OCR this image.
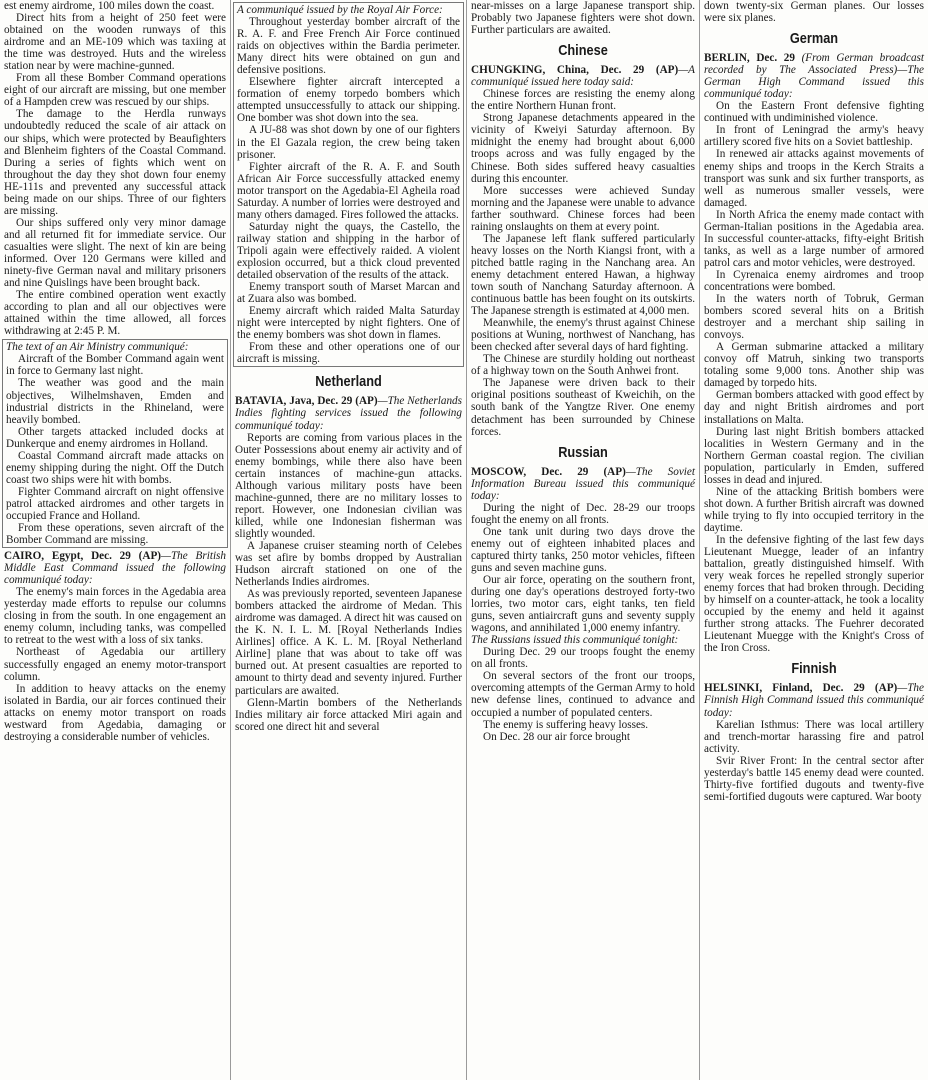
est enemy airdrome, 100 miles down the coast.

Direct hits from a height of 250 feet were obtained on the wooden runways of this airdrome and an ME-109 which was taxiing at the time was destroyed. Huts and the wireless station near by were machine-gunned.

From all these Bomber Command operations eight of our aircraft are missing, but one member of a Hampden crew was rescued by our ships.

The damage to the Herdla runways undoubtedly reduced the scale of air attack on our ships, which were protected by Beaufighters and Blenheim fighters of the Coastal Command. During a series of fights which went on throughout the day they shot down four enemy HE-111s and prevented any successful attack being made on our ships. Three of our fighters are missing.

Our ships suffered only very minor damage and all returned fit for immediate service. Our casualties were slight. The next of kin are being informed. Over 120 Germans were killed and ninety-five German naval and military prisoners and nine Quislings have been brought back.

The entire combined operation went exactly according to plan and all our objectives were attained within the time allowed, all forces withdrawing at 2:45 P. M.

The text of an Air Ministry communiqué:

Aircraft of the Bomber Command again went in force to Germany last night.

The weather was good and the main objectives, Wilhelmshaven, Emden and industrial districts in the Rhineland, were heavily bombed.

Other targets attacked included docks at Dunkerque and enemy airdromes in Holland.

Coastal Command aircraft made attacks on enemy shipping during the night. Off the Dutch coast two ships were hit with bombs.

Fighter Command aircraft on night offensive patrol attacked airdromes and other targets in occupied France and Holland.

From these operations, seven aircraft of the Bomber Command are missing.

CAIRO, Egypt, Dec. 29 (AP)—The British Middle East Command issued the following communiqué today:

The enemy's main forces in the Agedabia area yesterday made efforts to repulse our columns closing in from the south. In one engagement an enemy column, including tanks, was compelled to retreat to the west with a loss of six tanks.

Northeast of Agedabia our artillery successfully engaged an enemy motor-transport column.

In addition to heavy attacks on the enemy isolated in Bardia, our air forces continued their attacks on enemy motor transport on roads westward from Agedabia, damaging or destroying a considerable number of vehicles.

A communiqué issued by the Royal Air Force:

Throughout yesterday bomber aircraft of the R. A. F. and Free French Air Force continued raids on objectives within the Bardia perimeter. Many direct hits were obtained on gun and defensive positions.

Elsewhere fighter aircraft intercepted a formation of enemy torpedo bombers which attempted unsuccessfully to attack our shipping. One bomber was shot down into the sea.

A JU-88 was shot down by one of our fighters in the El Gazala region, the crew being taken prisoner.

Fighter aircraft of the R. A. F. and South African Air Force successfully attacked enemy motor transport on the Agedabia-El Agheila road Saturday. A number of lorries were destroyed and many others damaged. Fires followed the attacks.

Saturday night the quays, the Castello, the railway station and shipping in the harbor of Tripoli again were effectively raided. A violent explosion occurred, but a thick cloud prevented detailed observation of the results of the attack.

Enemy transport south of Marset Marcan and at Zuara also was bombed.

Enemy aircraft which raided Malta Saturday night were intercepted by night fighters. One of the enemy bombers was shot down in flames.

From these and other operations one of our aircraft is missing.

Netherland

BATAVIA, Java, Dec. 29 (AP)—The Netherlands Indies fighting services issued the following communiqué today:

Reports are coming from various places in the Outer Possessions about enemy air activity and of enemy bombings, while there also have been certain instances of machine-gun attacks. Although various military posts have been machine-gunned, there are no military losses to report. However, one Indonesian civilian was killed, while one Indonesian fisherman was slightly wounded.

A Japanese cruiser steaming north of Celebes was set afire by bombs dropped by Australian Hudson aircraft stationed on one of the Netherlands Indies airdromes.

As was previously reported, seventeen Japanese bombers attacked the airdrome of Medan. This airdrome was damaged. A direct hit was caused on the K. N. I. L. M. [Royal Netherlands Indies Airlines] office. A K. L. M. [Royal Netherland Airline] plane that was about to take off was burned out. At present casualties are reported to amount to thirty dead and seventy injured. Further particulars are awaited.

Glenn-Martin bombers of the Netherlands Indies military air force attacked Miri again and scored one direct hit and several

near-misses on a large Japanese transport ship. Probably two Japanese fighters were shot down. Further particulars are awaited.

Chinese

CHUNGKING, China, Dec. 29 (AP)—A communiqué issued here today said:

Chinese forces are resisting the enemy along the entire Northern Hunan front.

Strong Japanese detachments appeared in the vicinity of Kweiyi Saturday afternoon. By midnight the enemy had brought about 6,000 troops across and was fully engaged by the Chinese. Both sides suffered heavy casualties during this encounter.

More successes were achieved Sunday morning and the Japanese were unable to advance farther southward. Chinese forces had been raining onslaughts on them at every point.

The Japanese left flank suffered particularly heavy losses on the North Kiangsi front, with a pitched battle raging in the Nanchang area. An enemy detachment entered Hawan, a highway town south of Nanchang Saturday afternoon. A continuous battle has been fought on its outskirts. The Japanese strength is estimated at 4,000 men.

Meanwhile, the enemy's thrust against Chinese positions at Wuning, northwest of Nanchang, has been checked after several days of hard fighting.

The Chinese are sturdily holding out northeast of a highway town on the South Anhwei front.

The Japanese were driven back to their original positions southeast of Kweichih, on the south bank of the Yangtze River. One enemy detachment has been surrounded by Chinese forces.

Russian

MOSCOW, Dec. 29 (AP)—The Soviet Information Bureau issued this communiqué today:

During the night of Dec. 28-29 our troops fought the enemy on all fronts.

One tank unit during two days drove the enemy out of eighteen inhabited places and captured thirty tanks, 250 motor vehicles, fifteen guns and seven machine guns.

Our air force, operating on the southern front, during one day's operations destroyed forty-two lorries, two motor cars, eight tanks, ten field guns, seven antiaircraft guns and seventy supply wagons, and annihilated 1,000 enemy infantry.

The Russians issued this communiqué tonight:

During Dec. 29 our troops fought the enemy on all fronts.

On several sectors of the front our troops, overcoming attempts of the German Army to hold new defense lines, continued to advance and occupied a number of populated centers.

The enemy is suffering heavy losses.

On Dec. 28 our air force brought

down twenty-six German planes. Our losses were six planes.

German

BERLIN, Dec. 29 (From German broadcast recorded by The Associated Press)—The German High Command issued this communiqué today:

On the Eastern Front defensive fighting continued with undiminished violence.

In front of Leningrad the army's heavy artillery scored five hits on a Soviet battleship.

In renewed air attacks against movements of enemy ships and troops in the Kerch Straits a transport was sunk and six further transports, as well as numerous smaller vessels, were damaged.

In North Africa the enemy made contact with German-Italian positions in the Agedabia area. In successful counter-attacks, fifty-eight British tanks, as well as a large number of armored patrol cars and motor vehicles, were destroyed.

In Cyrenaica enemy airdromes and troop concentrations were bombed.

In the waters north of Tobruk, German bombers scored several hits on a British destroyer and a merchant ship sailing in convoys.

A German submarine attacked a military convoy off Matruh, sinking two transports totaling some 9,000 tons. Another ship was damaged by torpedo hits.

German bombers attacked with good effect by day and night British airdromes and port installations on Malta.

During last night British bombers attacked localities in Western Germany and in the Northern German coastal region. The civilian population, particularly in Emden, suffered losses in dead and injured.

Nine of the attacking British bombers were shot down. A further British aircraft was downed while trying to fly into occupied territory in the daytime.

In the defensive fighting of the last few days Lieutenant Muegge, leader of an infantry battalion, greatly distinguished himself. With very weak forces he repelled strongly superior enemy forces that had broken through. Deciding by himself on a counter-attack, he took a locality occupied by the enemy and held it against further strong attacks. The Fuehrer decorated Lieutenant Muegge with the Knight's Cross of the Iron Cross.

Finnish

HELSINKI, Finland, Dec. 29 (AP)—The Finnish High Command issued this communiqué today:

Karelian Isthmus: There was local artillery and trench-mortar harassing fire and patrol activity.

Svir River Front: In the central sector after yesterday's battle 145 enemy dead were counted. Thirty-five fortified dugouts and twenty-five semi-fortified dugouts were captured. War booty
